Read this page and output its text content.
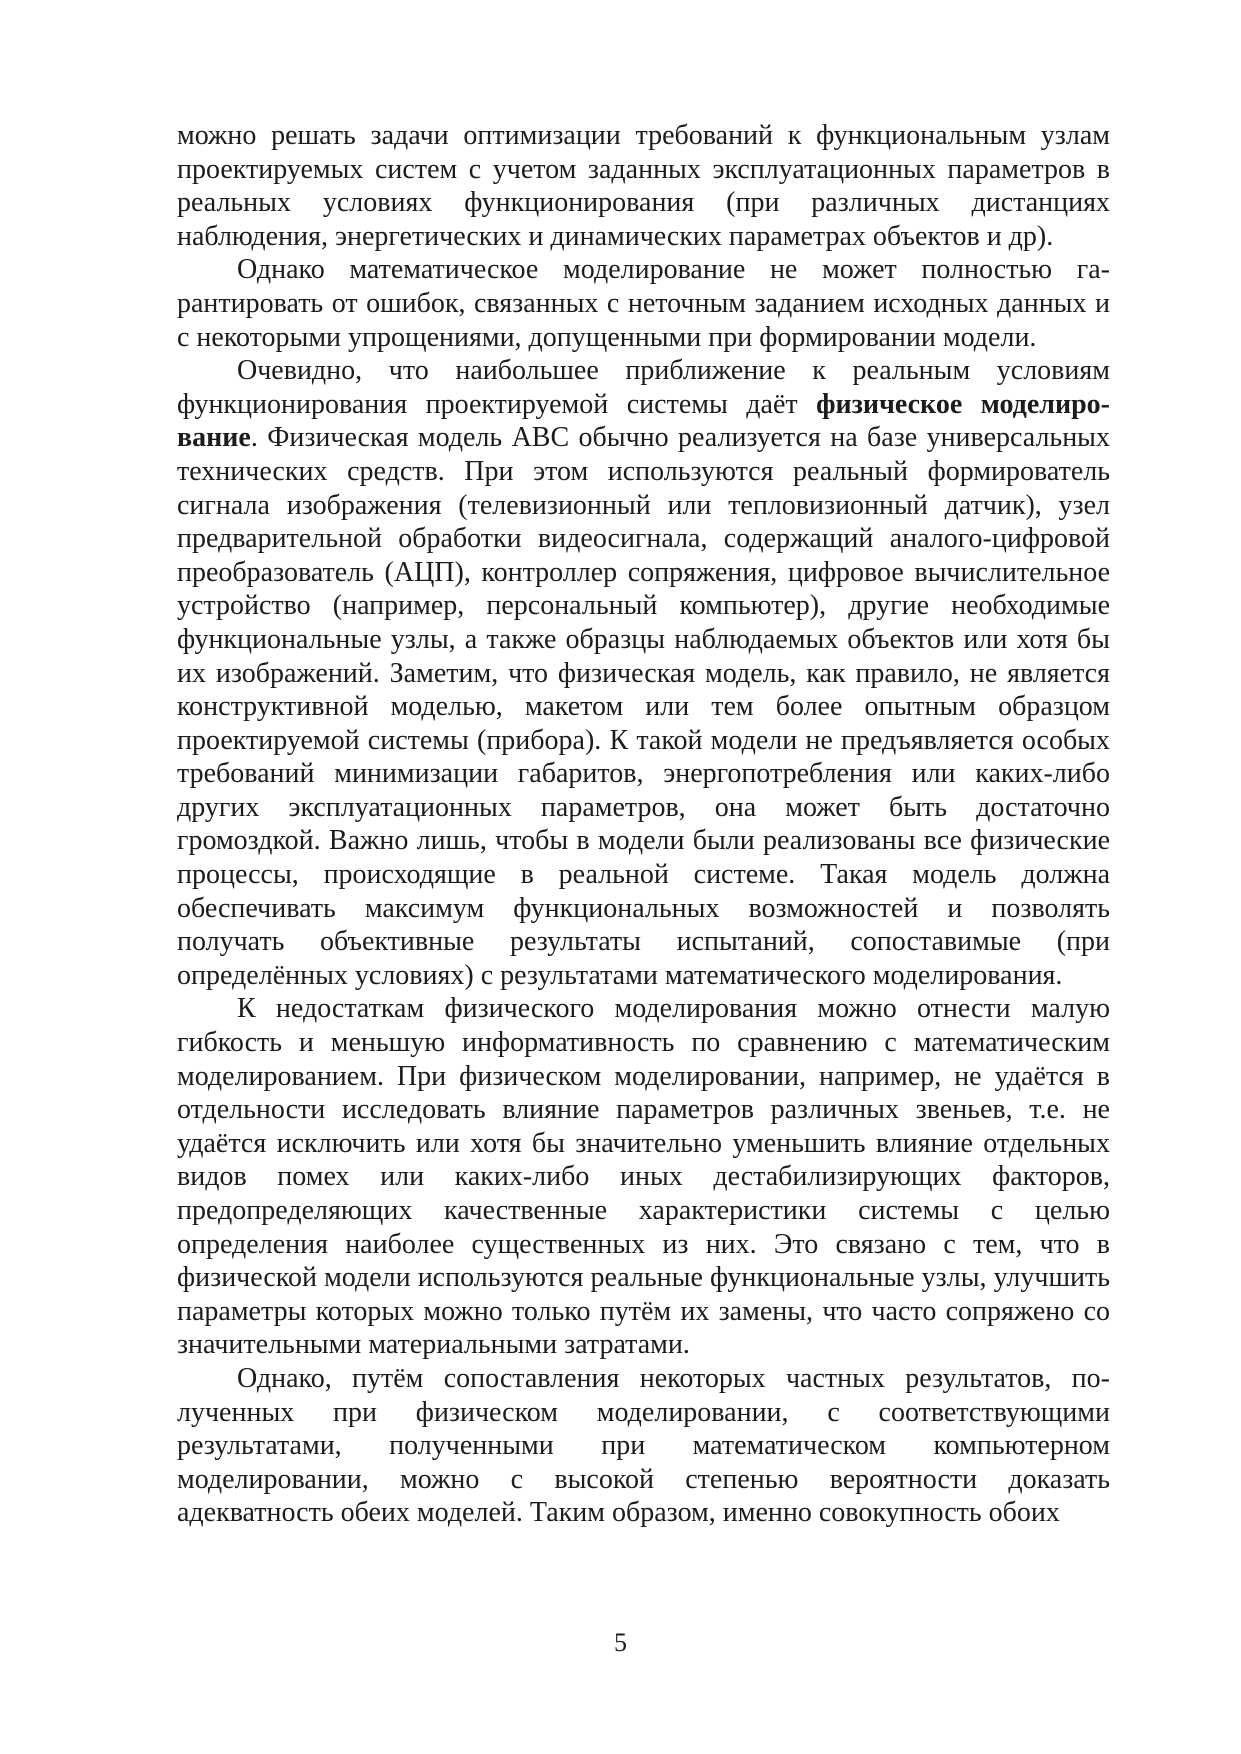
можно решать задачи оптимизации требований к функциональным узлам проектируемых систем с учетом заданных эксплуатационных параметров в реальных условиях функционирования (при различных дистанциях наблюдения, энергетических и динамических параметрах объектов и др).

Однако математическое моделирование не может полностью гарантировать от ошибок, связанных с неточным заданием исходных данных и с некоторыми упрощениями, допущенными при формировании модели.

Очевидно, что наибольшее приближение к реальным условиям функционирования проектируемой системы даёт физическое моделирование. Физическая модель АВС обычно реализуется на базе универсальных технических средств. При этом используются реальный формирователь сигнала изображения (телевизионный или тепловизионный датчик), узел предварительной обработки видеосигнала, содержащий аналого-цифровой преобразователь (АЦП), контроллер сопряжения, цифровое вычислительное устройство (например, персональный компьютер), другие необходимые функциональные узлы, а также образцы наблюдаемых объектов или хотя бы их изображений. Заметим, что физическая модель, как правило, не является конструктивной моделью, макетом или тем более опытным образцом проектируемой системы (прибора). К такой модели не предъявляется особых требований минимизации габаритов, энергопотребления или каких-либо других эксплуатационных параметров, она может быть достаточно громоздкой. Важно лишь, чтобы в модели были реализованы все физические процессы, происходящие в реальной системе. Такая модель должна обеспечивать максимум функциональных возможностей и позволять получать объективные результаты испытаний, сопоставимые (при определённых условиях) с результатами математического моделирования.

К недостаткам физического моделирования можно отнести малую гибкость и меньшую информативность по сравнению с математическим моделированием. При физическом моделировании, например, не удаётся в отдельности исследовать влияние параметров различных звеньев, т.е. не удаётся исключить или хотя бы значительно уменьшить влияние отдельных видов помех или каких-либо иных дестабилизирующих факторов, предопределяющих качественные характеристики системы с целью определения наиболее существенных из них. Это связано с тем, что в физической модели используются реальные функциональные узлы, улучшить параметры которых можно только путём их замены, что часто сопряжено со значительными материальными затратами.

Однако, путём сопоставления некоторых частных результатов, полученных при физическом моделировании, с соответствующими результатами, полученными при математическом компьютерном моделировании, можно с высокой степенью вероятности доказать адекватность обеих моделей. Таким образом, именно совокупность обоих

5
